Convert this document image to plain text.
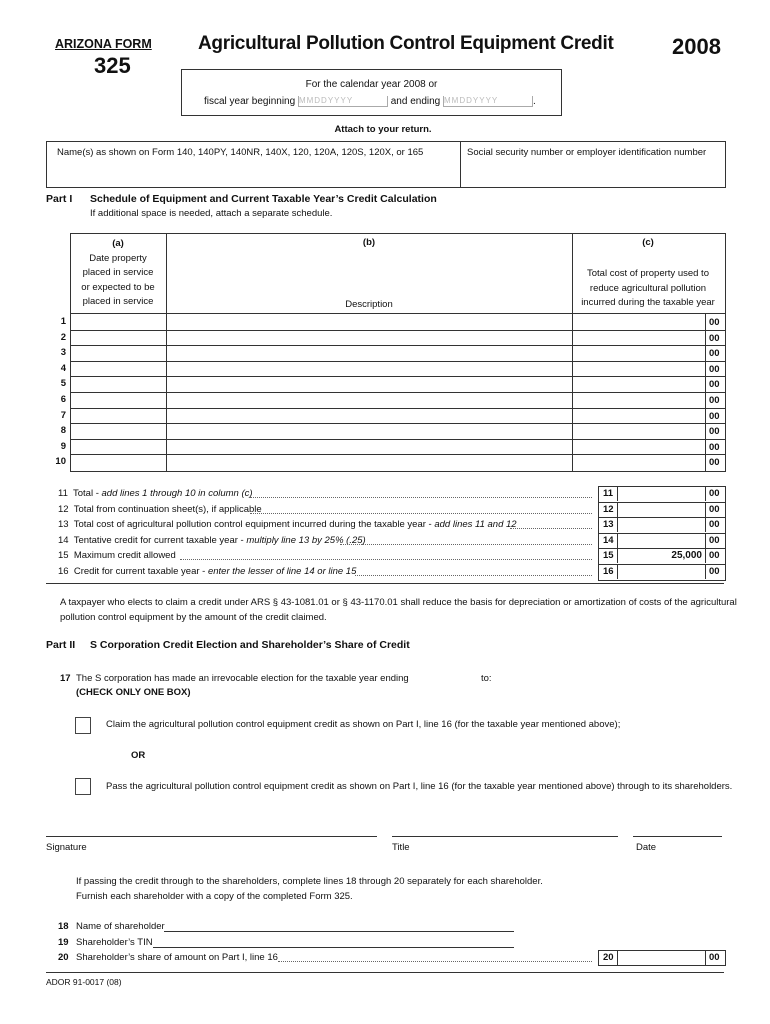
ARIZONA FORM
325
Agricultural Pollution Control Equipment Credit	2008
For the calendar year 2008 or
fiscal year beginning MMDDYYYY	and ending MMDDYYYY	.
Attach to your return.
Name(s) as shown on Form 140, 140PY, 140NR, 140X, 120, 120A, 120S, 120X, or 165	Social security number or employer identification number
Part I Schedule of Equipment and Current Taxable Year’s Credit Calculation
If additional space is needed, attach a separate schedule.
(a)
Date property
placed in service
or expected to be
placed in service
(b)
Description
(c)
Total cost of property used to
reduce agricultural pollution
incurred during the taxable year
1	00
2	00
3	00
4	00
5	00
6	00
7	00
8	00
9	00
10	00
11 Total - add lines 1 through 10 in column (c)	11	00
12 Total from continuation sheet(s), if applicable	12	00
13 Total cost of agricultural pollution control equipment incurred during the taxable year - add lines 11 and 12	13	00
14 Tentative credit for current taxable year - multiply line 13 by 25% (.25)	14	00
15 Maximum credit allowed	15	25,000 00
16 Credit for current taxable year - enter the lesser of line 14 or line 15	16	00
A taxpayer who elects to claim a credit under ARS § 43-1081.01 or § 43-1170.01 shall reduce the basis for depreciation or amortization of costs of the agricultural
pollution control equipment by the amount of the credit claimed.
Part II S Corporation Credit Election and Shareholder’s Share of Credit
17 The S corporation has made an irrevocable election for the taxable year ending	to:
(CHECK ONLY ONE BOX)
Claim the agricultural pollution control equipment credit as shown on Part I, line 16 (for the taxable year mentioned above);
OR
Pass the agricultural pollution control equipment credit as shown on Part I, line 16 (for the taxable year mentioned above) through to its shareholders.
Signature	Title	Date
If passing the credit through to the shareholders, complete lines 18 through 20 separately for each shareholder.
Furnish each shareholder with a copy of the completed Form 325.
18 Name of shareholder
19 Shareholder’s TIN
20 Shareholder’s share of amount on Part I, line 16	20	00
ADOR 91-0017 (08)
